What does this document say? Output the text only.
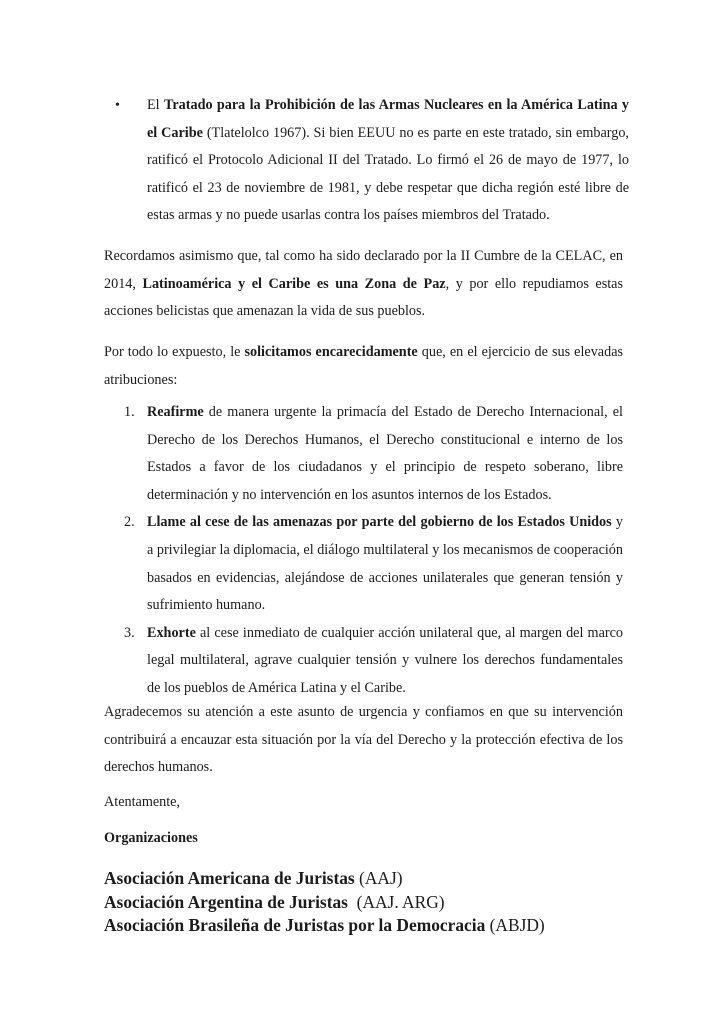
• El Tratado para la Prohibición de las Armas Nucleares en la América Latina y el Caribe (Tlatelolco 1967). Si bien EEUU no es parte en este tratado, sin embargo, ratificó el Protocolo Adicional II del Tratado. Lo firmó el 26 de mayo de 1977, lo ratificó el 23 de noviembre de 1981, y debe respetar que dicha región esté libre de estas armas y no puede usarlas contra los países miembros del Tratado.

Recordamos asimismo que, tal como ha sido declarado por la II Cumbre de la CELAC, en 2014, Latinoamérica y el Caribe es una Zona de Paz, y por ello repudiamos estas acciones belicistas que amenazan la vida de sus pueblos.

Por todo lo expuesto, le solicitamos encarecidamente que, en el ejercicio de sus elevadas atribuciones:

1. Reafirme de manera urgente la primacía del Estado de Derecho Internacional, el Derecho de los Derechos Humanos, el Derecho constitucional e interno de los Estados a favor de los ciudadanos y el principio de respeto soberano, libre determinación y no intervención en los asuntos internos de los Estados.
2. Llame al cese de las amenazas por parte del gobierno de los Estados Unidos y a privilegiar la diplomacia, el diálogo multilateral y los mecanismos de cooperación basados en evidencias, alejándose de acciones unilaterales que generan tensión y sufrimiento humano.
3. Exhorte al cese inmediato de cualquier acción unilateral que, al margen del marco legal multilateral, agrave cualquier tensión y vulnere los derechos fundamentales de los pueblos de América Latina y el Caribe.

Agradecemos su atención a este asunto de urgencia y confiamos en que su intervención contribuirá a encauzar esta situación por la vía del Derecho y la protección efectiva de los derechos humanos.

Atentamente,

Organizaciones

Asociación Americana de Juristas (AAJ)
Asociación Argentina de Juristas  (AAJ. ARG)
Asociación Brasileña de Juristas por la Democracia (ABJD)
